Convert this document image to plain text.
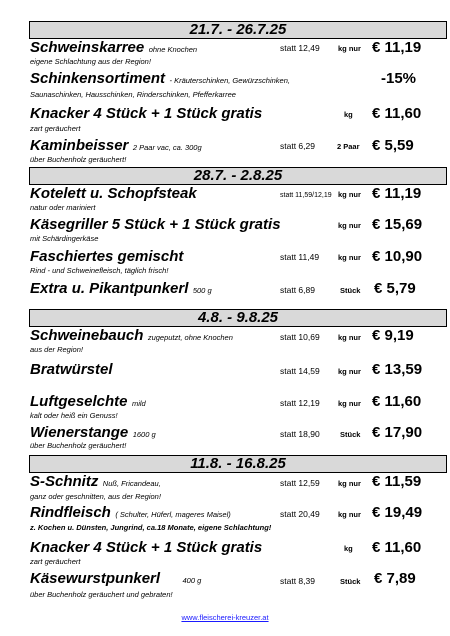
21.7. - 26.7.25
Schweinskarree ohne Knochen
eigene Schlachtung aus der Region!
statt 12,49 kg nur € 11,19
Schinkensortiment - Kräuterschinken, Gewürzschinken,
Saunaschinken, Hausschinken, Rinderschinken, Pfefferkarree
-15%
Knacker 4 Stück + 1 Stück gratis
zart geräuchert
kg € 11,60
Kaminbeisser 2 Paar vac, ca. 300g
über Buchenholz geräuchert!
statt 6,29	2 Paar € 5,59
28.7. - 2.8.25
Kotelett u. Schopfsteak
natur oder mariniert
statt 11,59/12,19 kg nur € 11,19
Käsegriller 5 Stück + 1 Stück gratis
mit Schärdingerkäse
kg nur € 15,69
Faschiertes gemischt
Rind - und Schweinefleisch, täglich frisch!
statt 11,49	kg nur € 10,90
Extra u. Pikantpunkerl 500 g	statt 6,89	Stück € 5,79
4.8. - 9.8.25
Schweinebauch zugeputzt, ohne Knochen
aus der Region!
statt 10,69 kg nur € 9,19
Bratwürstel	statt 14,59 kg nur € 13,59
Luftgeselchte mild
kalt oder heiß ein Genuss!
statt 12,19 kg nur € 11,60
Wienerstange 1600 g
über Buchenholz geräuchert!
statt 18,90	Stück € 17,90
11.8. - 16.8.25
S-Schnitz Nuß, Fricandeau,
ganz oder geschnitten, aus der Region!
statt 12,59 kg nur € 11,59
Rindfleisch ( Schulter, Hüferl, mageres Maisel)
z. Kochen u. Dünsten, Jungrind, ca.18 Monate, eigene Schlachtung!
statt 20,49 kg nur € 19,49
Knacker 4 Stück + 1 Stück gratis
zart geräuchert
kg € 11,60
Käsewurstpunkerl	400 g
über Buchenholz geräuchert und gebraten!
statt 8,39	Stück € 7,89
www.fleischerei-kreuzer.at
